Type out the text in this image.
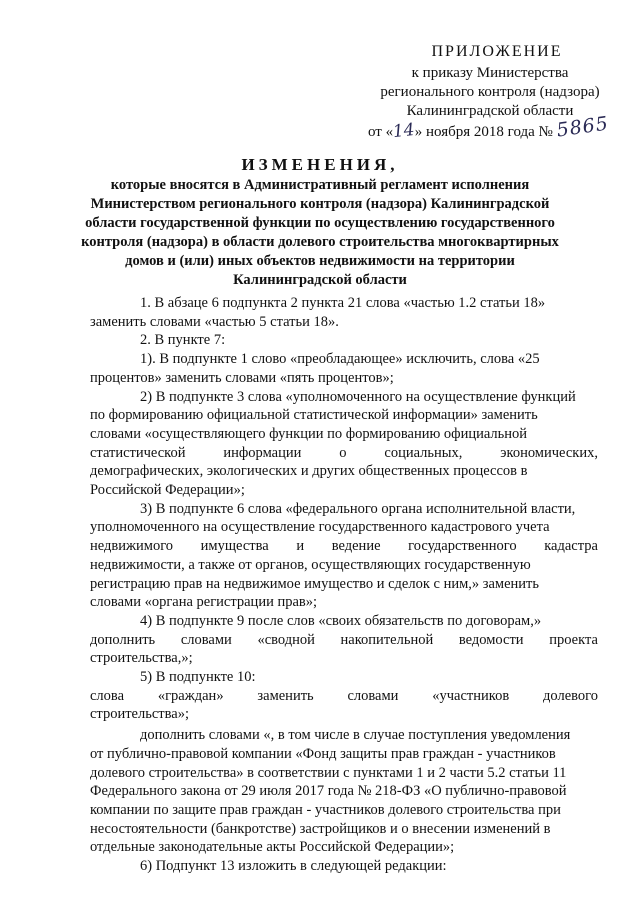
ПРИЛОЖЕНИЕ
к приказу Министерства
регионального контроля (надзора)
Калининградской области
от «14» ноября 2018 года № 5865
ИЗМЕНЕНИЯ,
которые вносятся в Административный регламент исполнения
Министерством регионального контроля (надзора) Калининградской
области государственной функции по осуществлению государственного
контроля (надзора) в области долевого строительства многоквартирных
домов и (или) иных объектов недвижимости на территории
Калининградской области
1. В абзаце 6 подпункта 2 пункта 21 слова «частью 1.2 статьи 18»
заменить словами «частью 5 статьи 18».
2. В пункте 7:
1). В подпункте 1 слово «преобладающее» исключить, слова «25
процентов» заменить словами «пять процентов»;
2) В подпункте 3 слова «уполномоченного на осуществление функций
по формированию официальной статистической информации» заменить
словами «осуществляющего функции по формированию официальной
статистической	информации	о	социальных,	экономических,
демографических, экологических и других общественных процессов в
Российской Федерации»;
3) В подпункте 6 слова «федерального органа исполнительной власти,
уполномоченного на осуществление государственного кадастрового учета
недвижимого имущества и ведение государственного кадастра
недвижимости, а также от органов, осуществляющих государственную
регистрацию прав на недвижимое имущество и сделок с ним,» заменить
словами «органа регистрации прав»;
4) В подпункте 9 после слов «своих обязательств по договорам,»
дополнить словами «сводной накопительной ведомости проекта
строительства,»;
5) В подпункте 10:
слова «граждан» заменить словами «участников долевого
строительства»;
дополнить словами «, в том числе в случае поступления уведомления
от публично-правовой компании «Фонд защиты прав граждан - участников
долевого строительства» в соответствии с пунктами 1 и 2 части 5.2 статьи 11
Федерального закона от 29 июля 2017 года № 218-ФЗ «О публично-правовой
компании по защите прав граждан - участников долевого строительства при
несостоятельности (банкротстве) застройщиков и о внесении изменений в
отдельные законодательные акты Российской Федерации»;
6) Подпункт 13 изложить в следующей редакции:
